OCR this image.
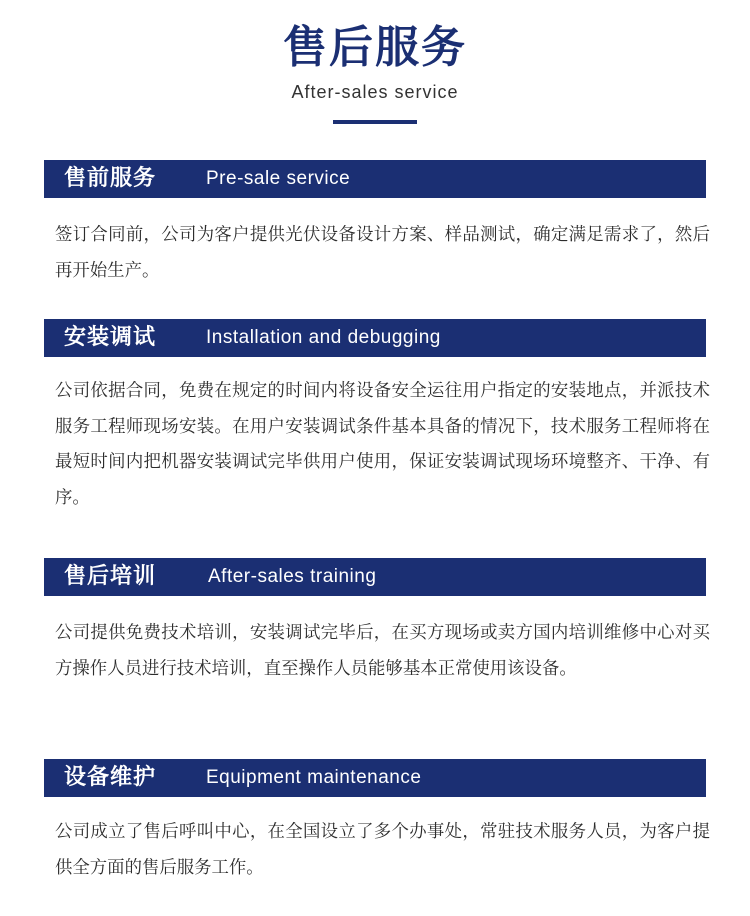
售后服务
After-sales service
售前服务	Pre-sale service

签订合同前，公司为客户提供光伏设备设计方案、样品测试，确定满足需求了，然后再开始生产。

安装调试	Installation and debugging

公司依据合同，免费在规定的时间内将设备安全运往用户指定的安装地点，并派技术服务工程师现场安装。在用户安装调试条件基本具备的情况下，技术服务工程师将在最短时间内把机器安装调试完毕供用户使用，保证安装调试现场环境整齐、干净、有序。

售后培训	After-sales training

公司提供免费技术培训，安装调试完毕后，在买方现场或卖方国内培训维修中心对买方操作人员进行技术培训，直至操作人员能够基本正常使用该设备。

设备维护	Equipment maintenance

公司成立了售后呼叫中心，在全国设立了多个办事处，常驻技术服务人员，为客户提供全方面的售后服务工作。
